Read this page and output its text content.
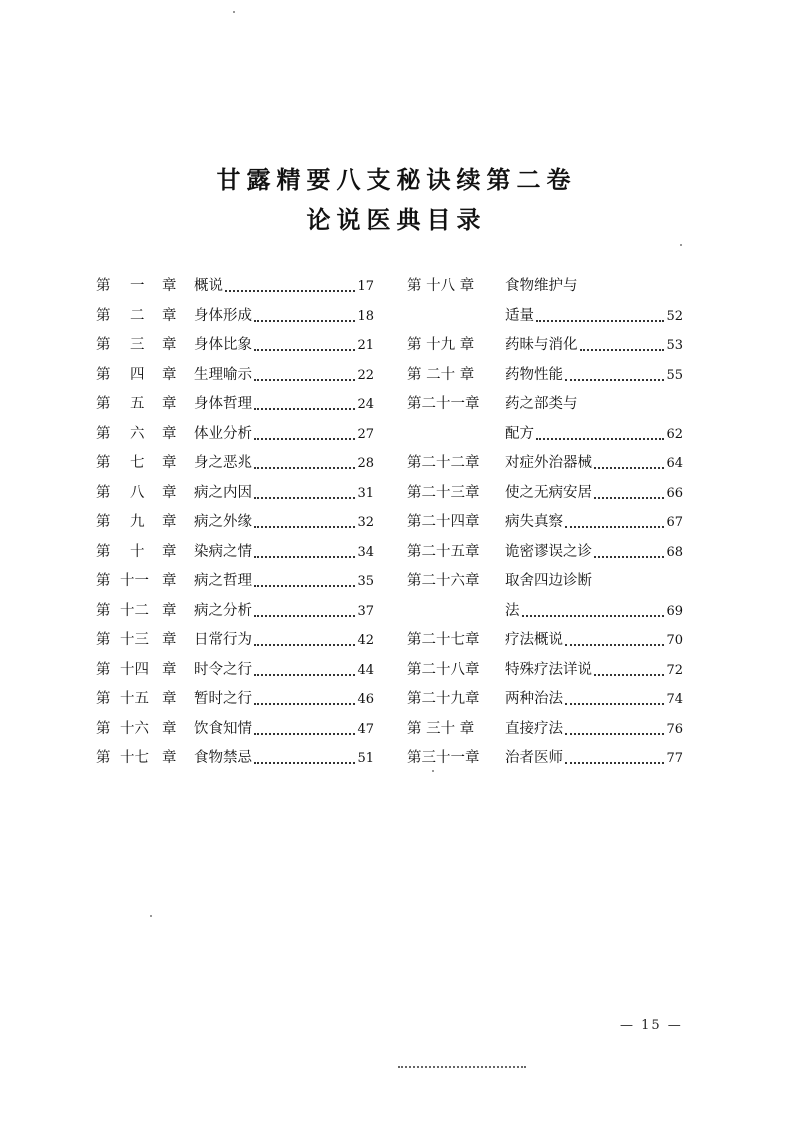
甘露精要八支秘诀续第二卷
论说医典目录
第 一 章 概说	17
第 二 章 身体形成	18
第 三 章 身体比象	21
第 四 章 生理喻示	22
第 五 章 身体哲理	24
第 六 章 体业分析	27
第 七 章 身之恶兆	28
第 八 章 病之内因	31
第 九 章 病之外缘	32
第 十 章 染病之情	34
第 十一 章 病之哲理	35
第 十二 章 病之分析	37
第 十三 章 日常行为	42
第 十四 章 时令之行	44
第 十五 章 暂时之行	46
第 十六 章 饮食知情	47
第 十七 章 食物禁忌	51
第 十八 章 食物维护与
适量	52
第 十九 章 药昧与消化	53
第 二十 章 药物性能	55
第二十一章 药之部类与
配方	62
第二十二章 对症外治器械	64
第二十三章 使之无病安居	66
第二十四章 病失真察	67
第二十五章 诡密谬误之诊	68
第二十六章 取舍四边诊断
法	69
第二十七章 疗法概说	70
第二十八章 特殊疗法详说	72
第二十九章 两种治法	74
第 三十 章 直接疗法	76
第三十一章 治者医师	77
— 15 —
